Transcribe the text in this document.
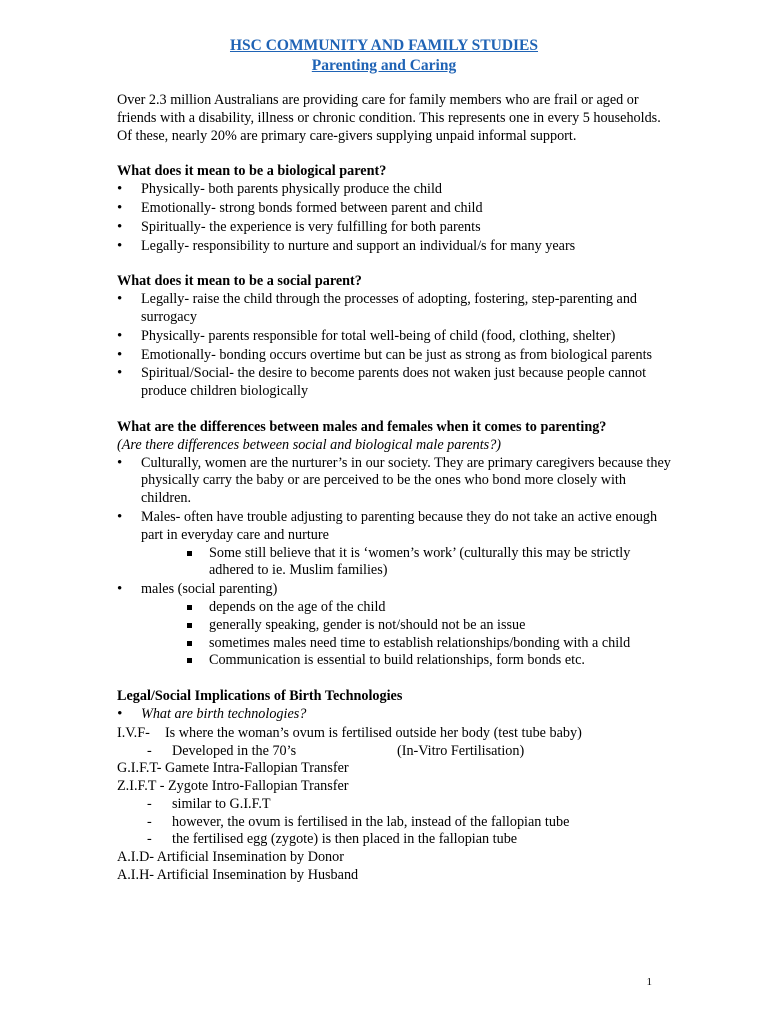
HSC COMMUNITY AND FAMILY STUDIES
Parenting and Caring

Over 2.3 million Australians are providing care for family members who are frail or aged or friends with a disability, illness or chronic condition. This represents one in every 5 households. Of these, nearly 20% are primary care-givers supplying unpaid informal support.

What does it mean to be a biological parent?

• Physically- both parents physically produce the child
• Emotionally- strong bonds formed between parent and child
• Spiritually- the experience is very fulfilling for both parents
• Legally- responsibility to nurture and support an individual/s for many years

What does it mean to be a social parent?

• Legally- raise the child through the processes of adopting, fostering, step-parenting and surrogacy
• Physically- parents responsible for total well-being of child (food, clothing, shelter)
• Emotionally- bonding occurs overtime but can be just as strong as from biological parents
• Spiritual/Social- the desire to become parents does not waken just because people cannot produce children biologically

What are the differences between males and females when it comes to parenting?

(Are there differences between social and biological male parents?)

• Culturally, women are the nurturer’s in our society. They are primary caregivers because they physically carry the baby or are perceived to be the ones who bond more closely with children.
• Males- often have trouble adjusting to parenting because they do not take an active enough part in everyday care and nurture
Some still believe that it is ‘women’s work’ (culturally this may be strictly adhered to ie. Muslim families)
• males (social parenting)
depends on the age of the child
generally speaking, gender is not/should not be an issue
sometimes males need time to establish relationships/bonding with a child
Communication is essential to build relationships, form bonds etc.

Legal/Social Implications of Birth Technologies

• What are birth technologies?

I.V.F- Is where the woman’s ovum is fertilised outside her body (test tube baby)

- Developed in the 70’s	(In-Vitro Fertilisation)

G.I.F.T- Gamete Intra-Fallopian Transfer

Z.I.F.T - Zygote Intro-Fallopian Transfer

- similar to G.I.F.T
- however, the ovum is fertilised in the lab, instead of the fallopian tube
- the fertilised egg (zygote) is then placed in the fallopian tube

A.I.D- Artificial Insemination by Donor

A.I.H- Artificial Insemination by Husband

1
